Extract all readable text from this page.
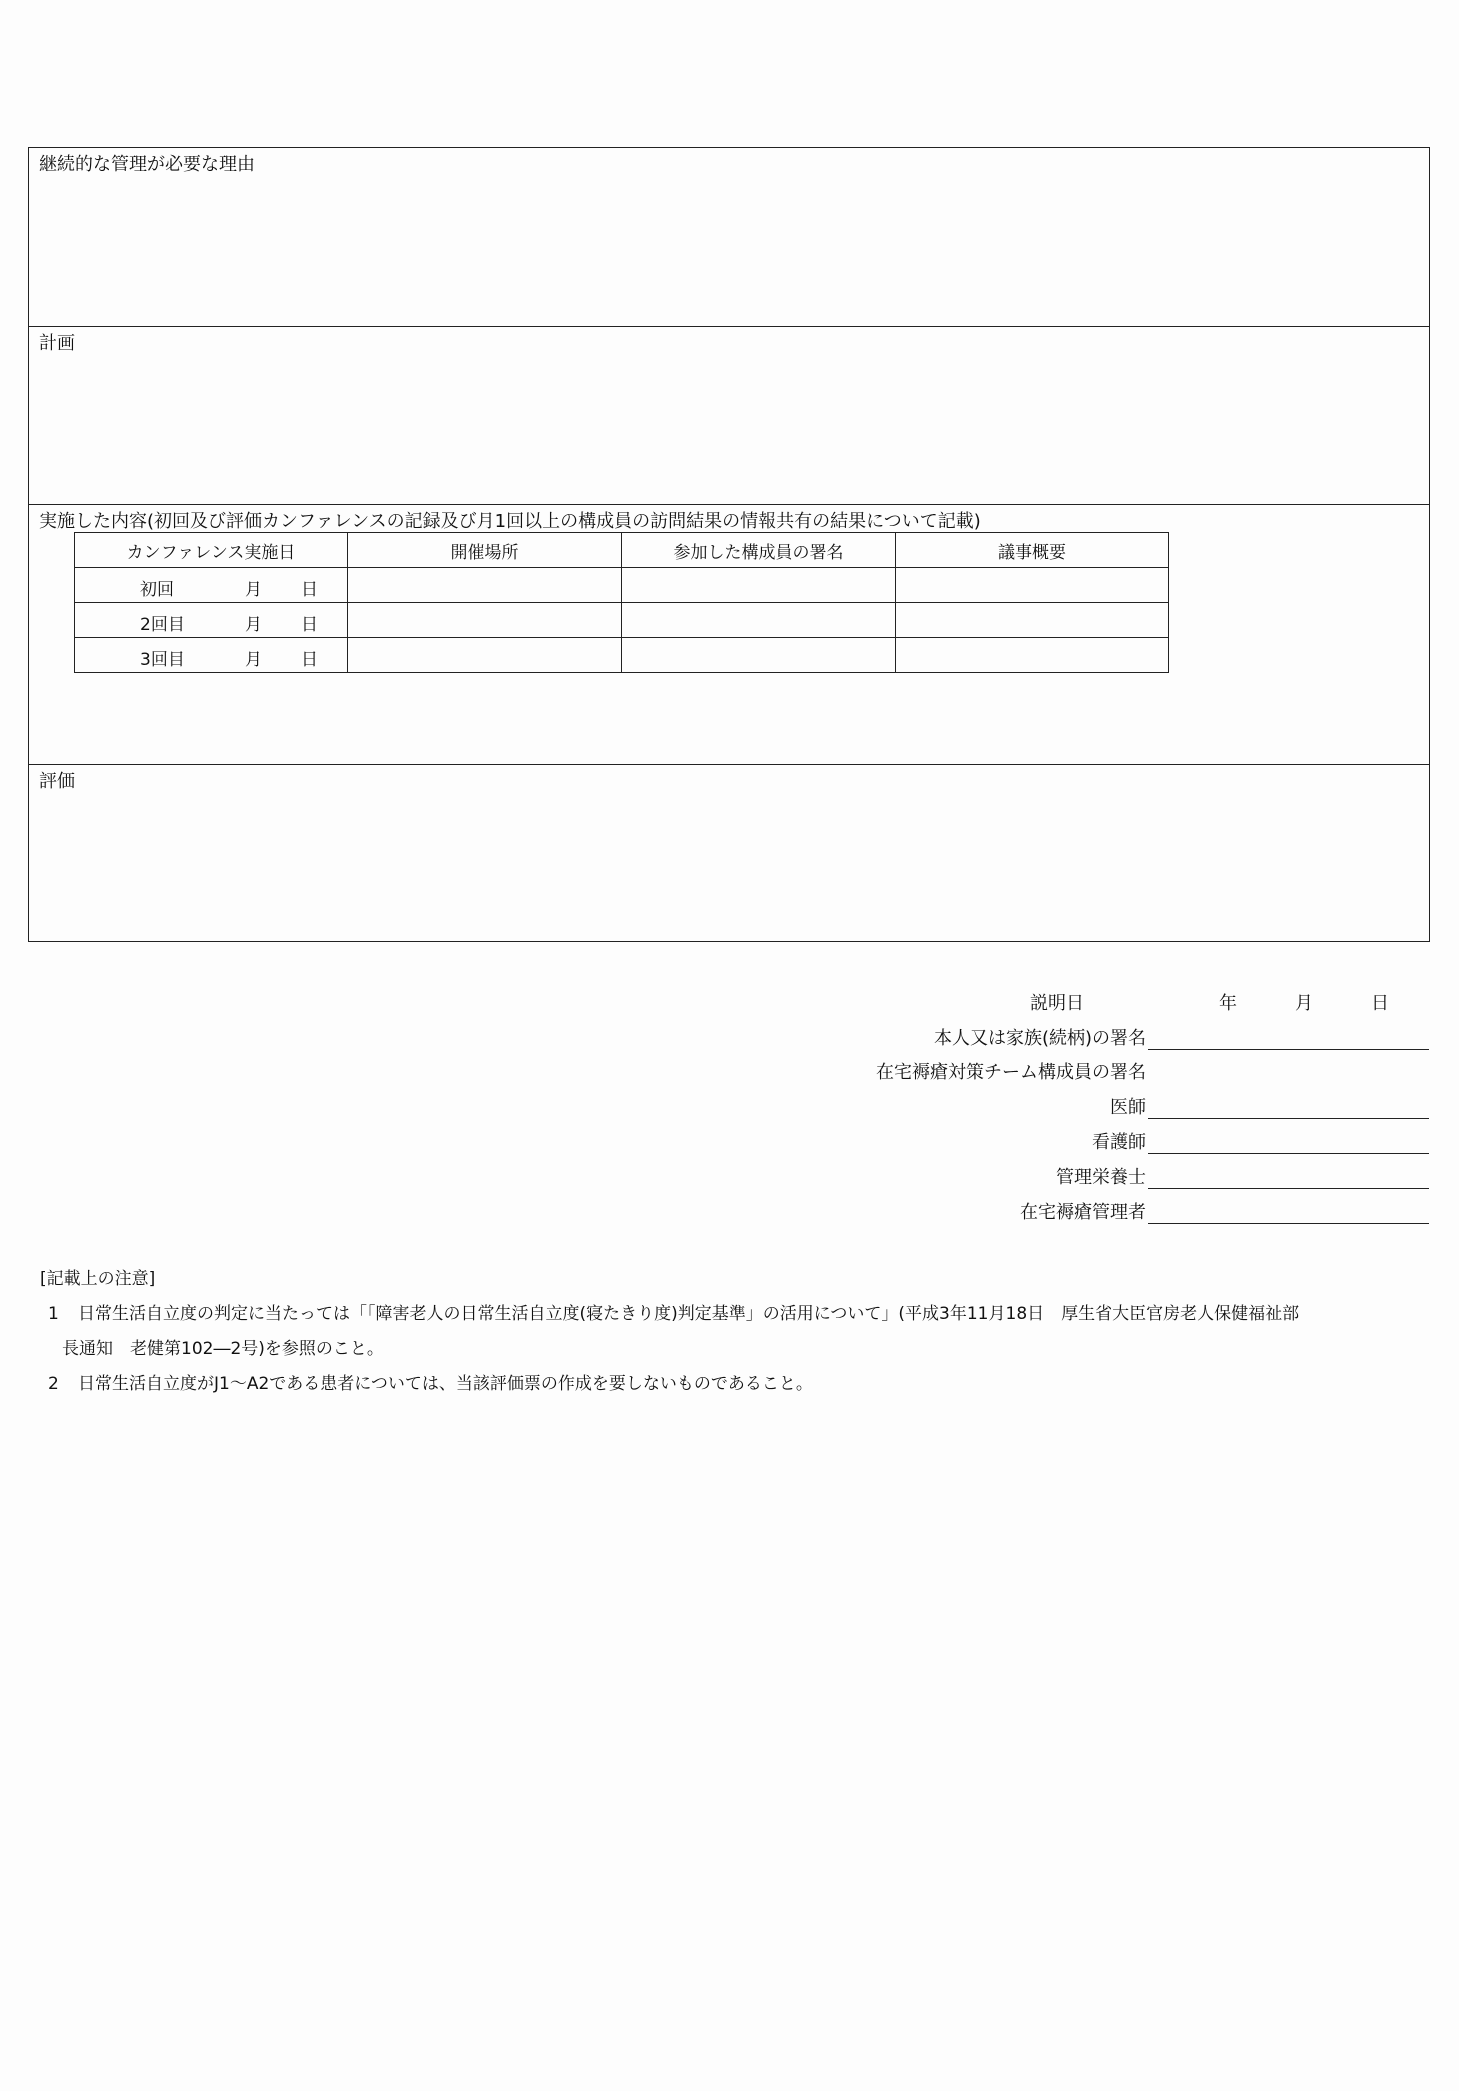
継続的な管理が必要な理由
計画
実施した内容(初回及び評価カンファレンスの記録及び月1回以上の構成員の訪問結果の情報共有の結果について記載)
カンファレンス実施日	開催場所	参加した構成員の署名	議事概要

初回 月 日			

2回目 月 日			

3回目 月 日			

評価
説明日	年	月	日
本人又は家族(続柄)の署名
在宅褥瘡対策チーム構成員の署名
医師
看護師
管理栄養士
在宅褥瘡管理者

[記載上の注意]

1 日常生活自立度の判定に当たっては「「障害老人の日常生活自立度(寝たきり度)判定基準」の活用について」(平成3年11月18日　厚生省大臣官房老人保健福祉部

長通知　老健第102―2号)を参照のこと。

2 日常生活自立度がJ1～A2である患者については、当該評価票の作成を要しないものであること。
